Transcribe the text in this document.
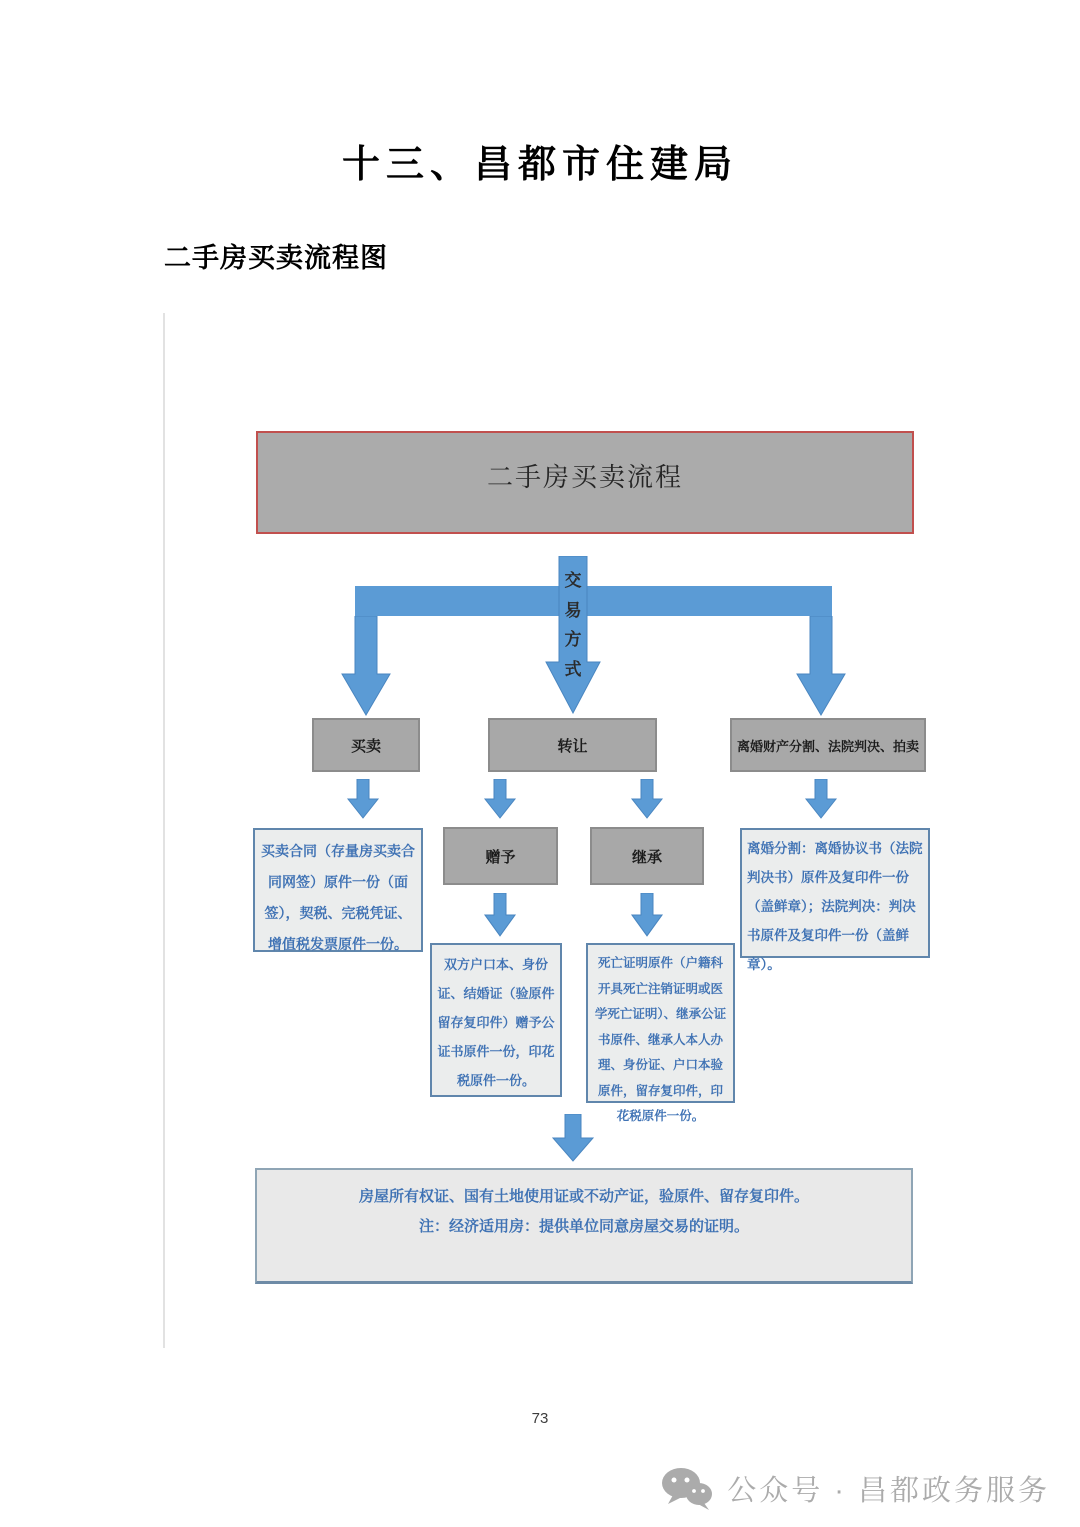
十三、昌都市住建局
二手房买卖流程图
二手房买卖流程
交
易
方
式
买卖	转让	离婚财产分割、法院判决、拍卖
买卖合同（存量房买卖合同网签）原件一份（面签），契税、完税凭证、增值税发票原件一份。
赠予	继承
离婚分割：离婚协议书（法院判决书）原件及复印件一份（盖鲜章）；法院判决：判决书原件及复印件一份（盖鲜章）。
双方户口本、身份证、结婚证（验原件留存复印件）赠予公证书原件一份，印花税原件一份。
死亡证明原件（户籍科开具死亡注销证明或医学死亡证明）、继承公证书原件、继承人本人办理、身份证、户口本验原件，留存复印件，印花税原件一份。
房屋所有权证、国有土地使用证或不动产证，验原件、留存复印件。
注：经济适用房：提供单位同意房屋交易的证明。
73
公众号 · 昌都政务服务
